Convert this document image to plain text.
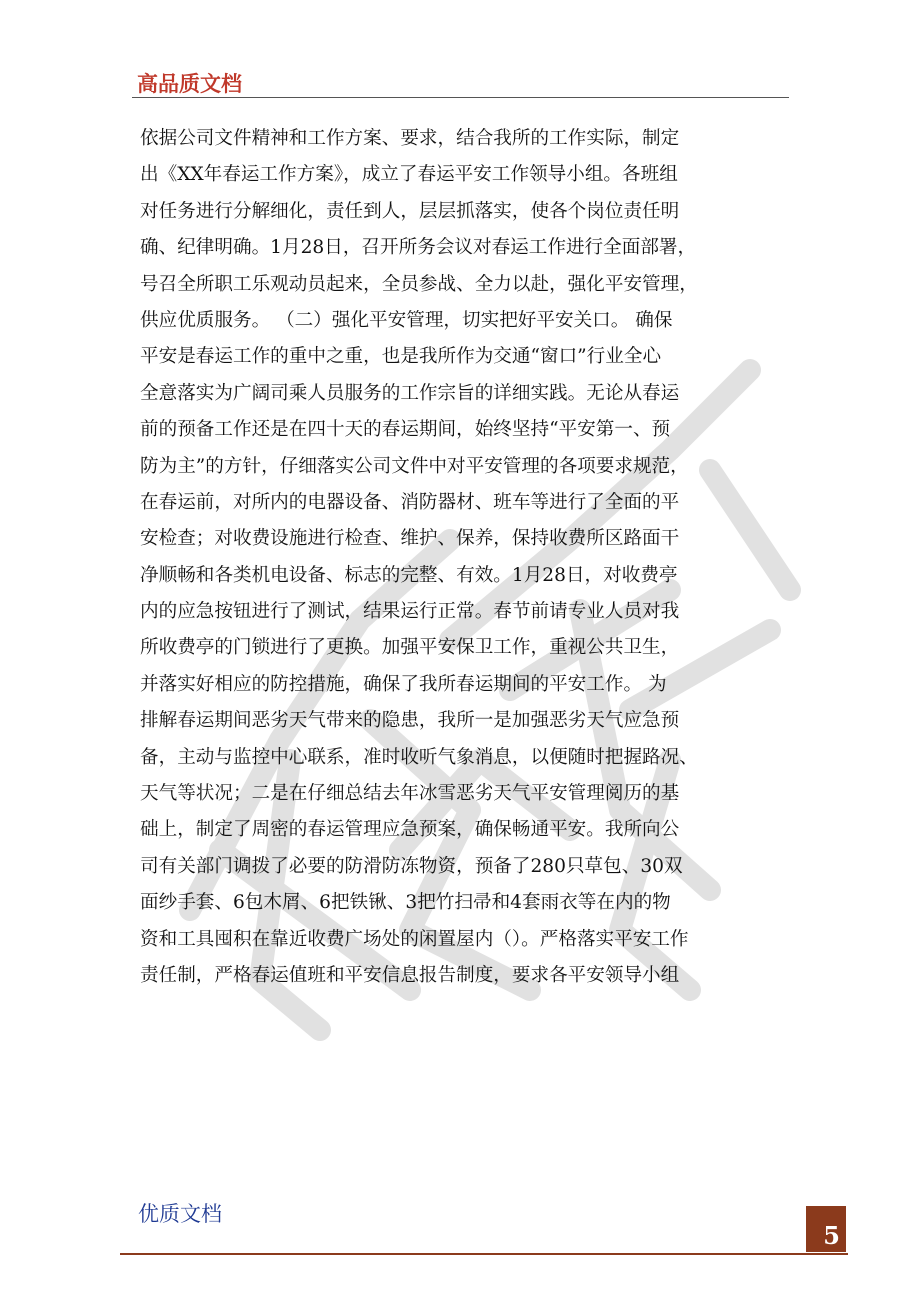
高品质文档
依据公司文件精神和工作方案、要求，结合我所的工作实际，制定
出《XX年春运工作方案》，成立了春运平安工作领导小组。各班组
对任务进行分解细化，责任到人，层层抓落实，使各个岗位责任明
确、纪律明确。1月28日，召开所务会议对春运工作进行全面部署，
号召全所职工乐观动员起来，全员参战、全力以赴，强化平安管理，
供应优质服务。 （二）强化平安管理，切实把好平安关口。 确保
平安是春运工作的重中之重，也是我所作为交通“窗口”行业全心
全意落实为广阔司乘人员服务的工作宗旨的详细实践。无论从春运
前的预备工作还是在四十天的春运期间，始终坚持“平安第一、预
防为主”的方针，仔细落实公司文件中对平安管理的各项要求规范，
在春运前，对所内的电器设备、消防器材、班车等进行了全面的平
安检查；对收费设施进行检查、维护、保养，保持收费所区路面干
净顺畅和各类机电设备、标志的完整、有效。1月28日，对收费亭
内的应急按钮进行了测试，结果运行正常。春节前请专业人员对我
所收费亭的门锁进行了更换。加强平安保卫工作，重视公共卫生，
并落实好相应的防控措施，确保了我所春运期间的平安工作。 为
排解春运期间恶劣天气带来的隐患，我所一是加强恶劣天气应急预
备，主动与监控中心联系，准时收听气象消息，以便随时把握路况、
天气等状况；二是在仔细总结去年冰雪恶劣天气平安管理阅历的基
础上，制定了周密的春运管理应急预案，确保畅通平安。我所向公
司有关部门调拨了必要的防滑防冻物资，预备了280只草包、30双
面纱手套、6包木屑、6把铁锹、3把竹扫帚和4套雨衣等在内的物
资和工具囤积在靠近收费广场处的闲置屋内（）。严格落实平安工作
责任制，严格春运值班和平安信息报告制度，要求各平安领导小组
优质文档
5
